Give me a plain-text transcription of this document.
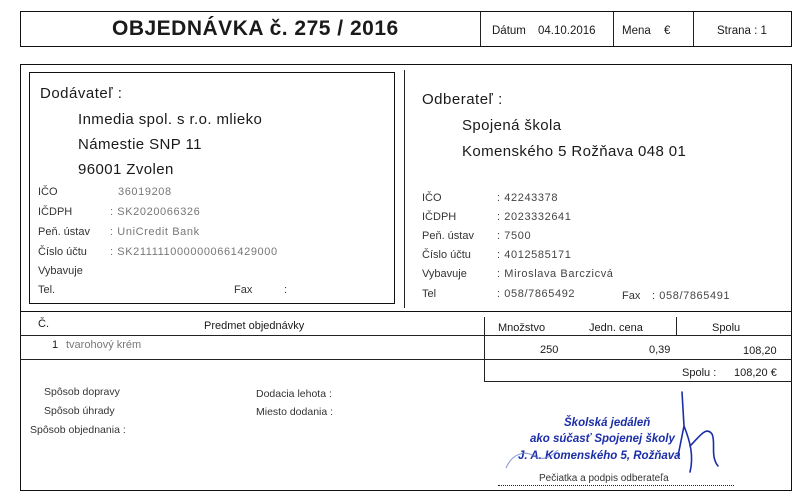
OBJEDNÁVKA č. 275 / 2016	Dátum 04.10.2016 Mena €	Strana : 1
Dodávateľ :
Inmedia spol. s r.o. mlieko
Námestie SNP 11
96001 Zvolen
IČO	36019208
IČDPH	: SK2020066326
Peň. ústav : UniCredit Bank
Číslo účtu : SK2111110000000661429000
Vybavuje
Tel.	Fax	:
Odberateľ :
Spojená škola
Komenského 5 Rožňava 048 01
IČO	: 42243378
IČDPH	: 2023332641
Peň. ústav : 7500
Číslo účtu : 4012585171
Vybavuje	: Miroslava Barczicvá
Tel	: 058/7865492	Fax : 058/7865491
Č.	Predmet objednávky	Množstvo	Jedn. cena	Spolu
1 tvarohový krém	250	0,39	108,20
Spolu : 108,20 €
Spôsob dopravy
Spôsob úhrady
Spôsob objednania :
Dodacia lehota :
Miesto dodania :
Školská jedáleň
ako súčasť Spojenej školy
J. A. Komenského 5, Rožňava
Pečiatka a podpis odberateľa
